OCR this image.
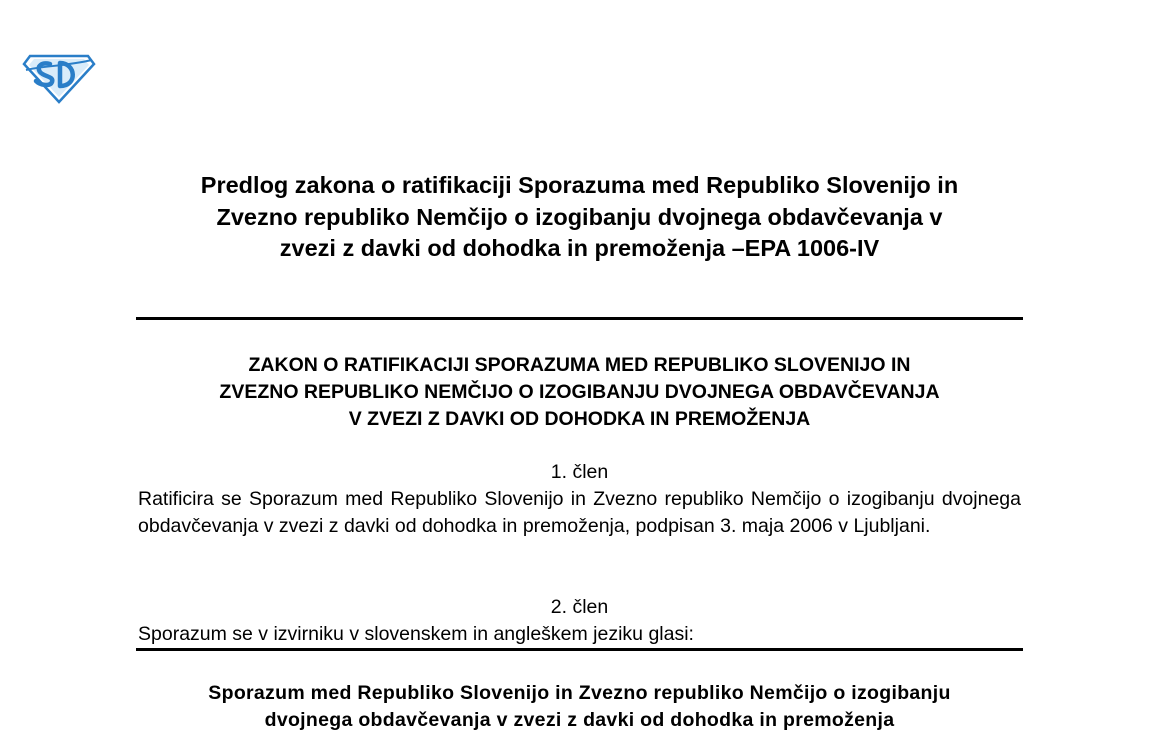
Predlog zakona o ratifikaciji Sporazuma med Republiko Slovenijo in
Zvezno republiko Nemčijo o izogibanju dvojnega obdavčevanja v
zvezi z davki od dohodka in premoženja –EPA 1006-IV
ZAKON O RATIFIKACIJI SPORAZUMA MED REPUBLIKO SLOVENIJO IN
ZVEZNO REPUBLIKO NEMČIJO O IZOGIBANJU DVOJNEGA OBDAVČEVANJA
V ZVEZI Z DAVKI OD DOHODKA IN PREMOŽENJA

1. člen

Ratificira se Sporazum med Republiko Slovenijo in Zvezno republiko Nemčijo o izogibanju dvojnega obdavčevanja v zvezi z davki od dohodka in premoženja, podpisan 3. maja 2006 v Ljubljani.

2. člen

Sporazum se v izvirniku v slovenskem in angleškem jeziku glasi:

Sporazum med Republiko Slovenijo in Zvezno republiko Nemčijo o izogibanju
dvojnega obdavčevanja v zvezi z davki od dohodka in premoženja
